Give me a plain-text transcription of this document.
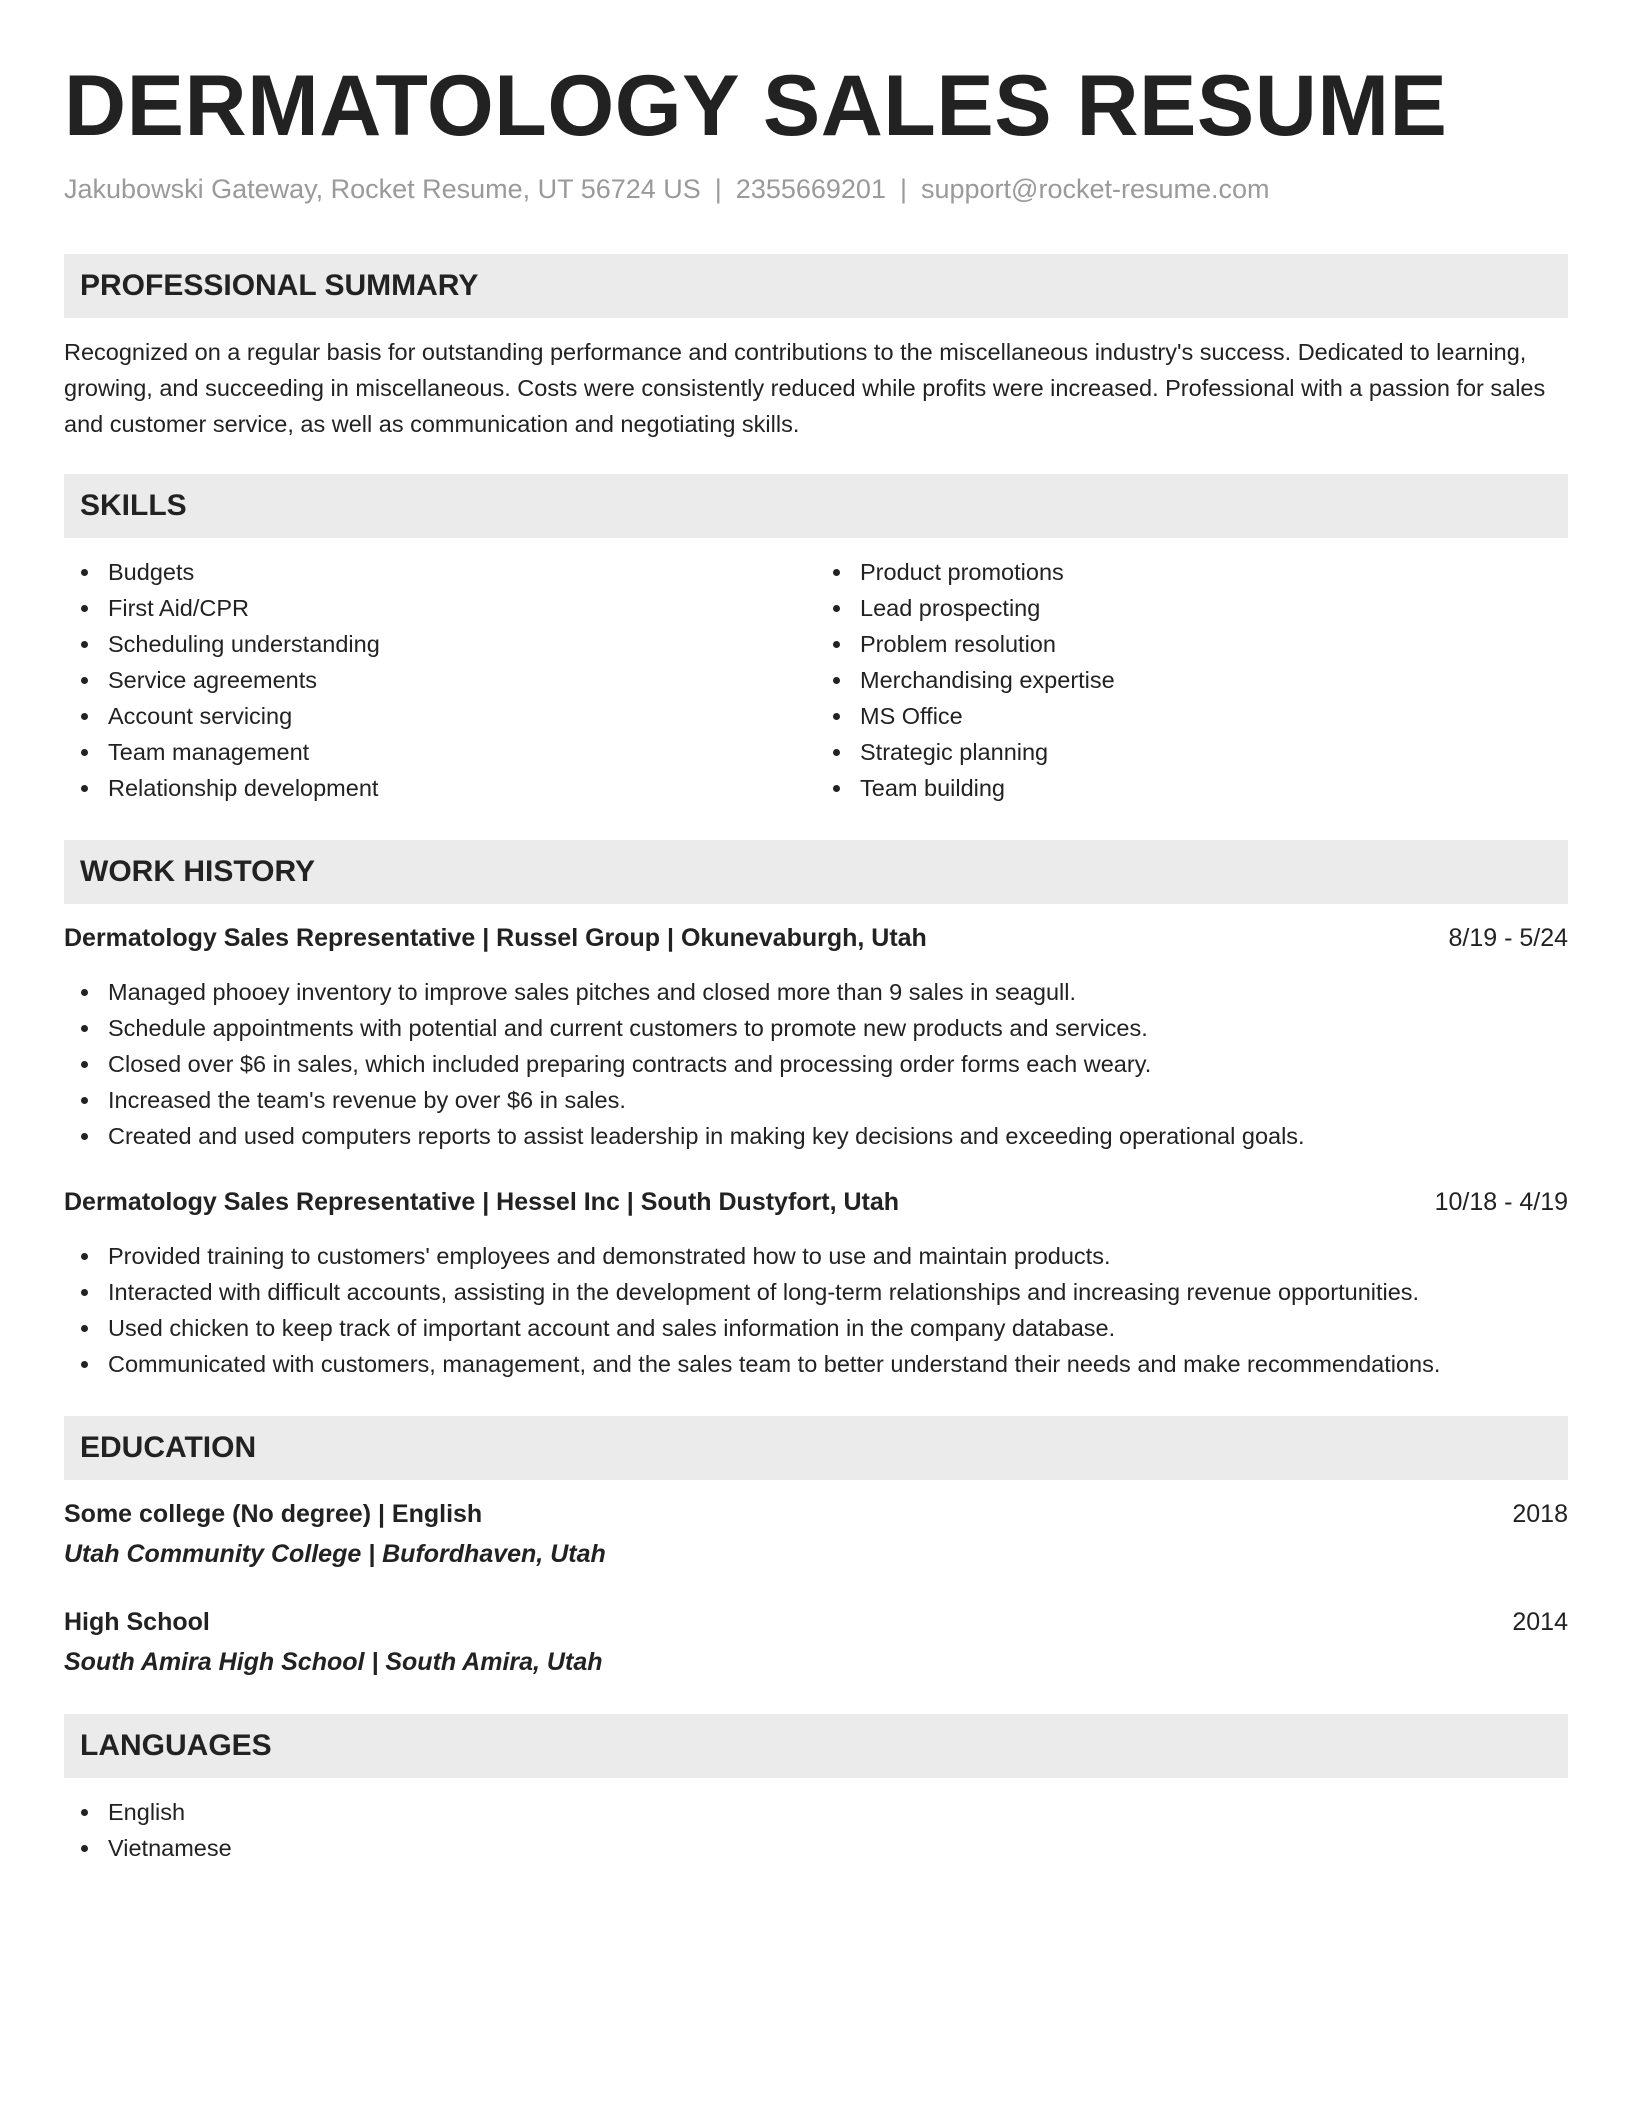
DERMATOLOGY SALES RESUME
Jakubowski Gateway, Rocket Resume, UT 56724 US | 2355669201 | support@rocket-resume.com
PROFESSIONAL SUMMARY
Recognized on a regular basis for outstanding performance and contributions to the miscellaneous industry's success. Dedicated to learning, growing, and succeeding in miscellaneous. Costs were consistently reduced while profits were increased. Professional with a passion for sales and customer service, as well as communication and negotiating skills.
SKILLS
Budgets
First Aid/CPR
Scheduling understanding
Service agreements
Account servicing
Team management
Relationship development
Product promotions
Lead prospecting
Problem resolution
Merchandising expertise
MS Office
Strategic planning
Team building
WORK HISTORY
Dermatology Sales Representative | Russel Group | Okunevaburgh, Utah	8/19 - 5/24
Managed phooey inventory to improve sales pitches and closed more than 9 sales in seagull.
Schedule appointments with potential and current customers to promote new products and services.
Closed over $6 in sales, which included preparing contracts and processing order forms each weary.
Increased the team's revenue by over $6 in sales.
Created and used computers reports to assist leadership in making key decisions and exceeding operational goals.
Dermatology Sales Representative | Hessel Inc | South Dustyfort, Utah	10/18 - 4/19
Provided training to customers' employees and demonstrated how to use and maintain products.
Interacted with difficult accounts, assisting in the development of long-term relationships and increasing revenue opportunities.
Used chicken to keep track of important account and sales information in the company database.
Communicated with customers, management, and the sales team to better understand their needs and make recommendations.
EDUCATION
Some college (No degree) | English	2018
Utah Community College | Bufordhaven, Utah
High School	2014
South Amira High School | South Amira, Utah
LANGUAGES
English
Vietnamese
